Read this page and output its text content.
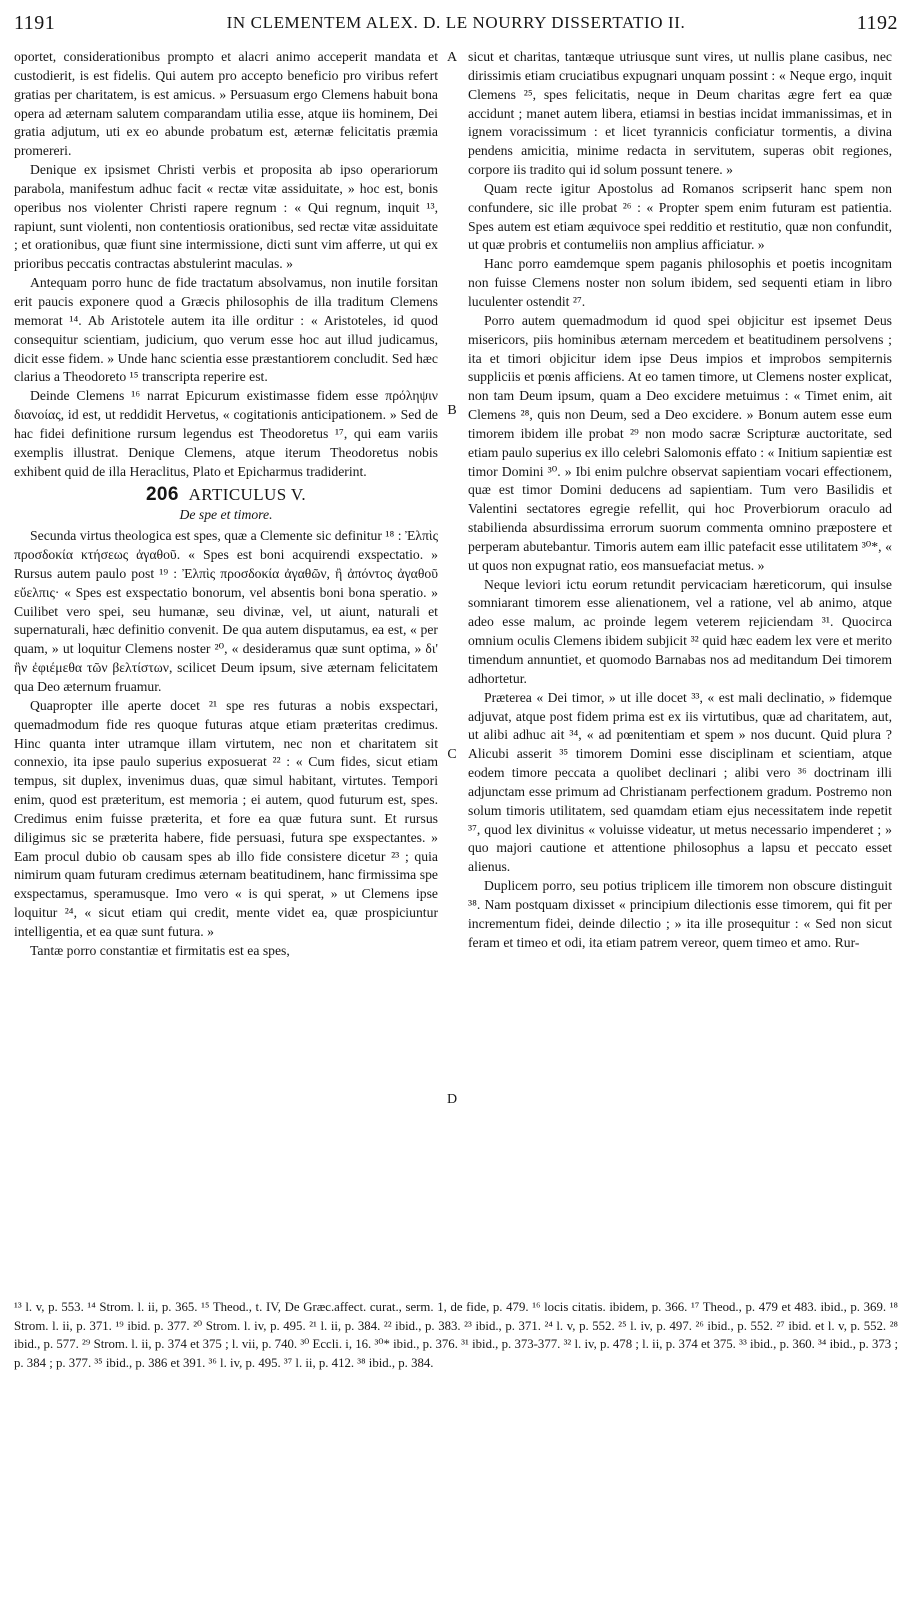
1191	IN CLEMENTEM ALEX. D. LE NOURRY DISSERTATIO II.	1192

oportet, considerationibus prompto et alacri animo acceperit mandata et custodierit, is est fidelis. Qui autem pro accepto beneficio pro viribus refert gratias per charitatem, is est amicus. » Persuasum ergo Clemens habuit bona opera ad æternam salutem comparandam utilia esse, atque iis hominem, Dei gratia adjutum, uti ex eo abunde probatum est, æternæ felicitatis præmia promereri.

Denique ex ipsismet Christi verbis et proposita ab ipso operariorum parabola, manifestum adhuc facit « rectæ vitæ assiduitate, » hoc est, bonis operibus nos violenter Christi rapere regnum : « Qui regnum, inquit ¹³, rapiunt, sunt violenti, non contentiosis orationibus, sed rectæ vitæ assiduitate ; et orationibus, quæ fiunt sine intermissione, dicti sunt vim afferre, ut qui ex prioribus peccatis contractas abstulerint maculas. »

Antequam porro hunc de fide tractatum absolvamus, non inutile forsitan erit paucis exponere quod a Græcis philosophis de illa traditum Clemens memorat ¹⁴. Ab Aristotele autem ita ille orditur : « Aristoteles, id quod consequitur scientiam, judicium, quo verum esse hoc aut illud judicamus, dicit esse fidem. » Unde hanc scientia esse præstantiorem concludit. Sed hæc clarius a Theodoreto ¹⁵ transcripta reperire est.

Deinde Clemens ¹⁶ narrat Epicurum existimasse fidem esse πρόληψιν διανοίας, id est, ut reddidit Hervetus, « cogitationis anticipationem. » Sed de hac fidei definitione rursum legendus est Theodoretus ¹⁷, qui eam variis exemplis illustrat. Denique Clemens, atque iterum Theodoretus nobis exhibent quid de illa Heraclitus, Plato et Epicharmus tradiderint.

206 ARTICULUS V.

De spe et timore.

Secunda virtus theologica est spes, quæ a Clemente sic definitur ¹⁸ : Ἐλπὶς προσδοκία κτήσεως ἀγαθοῦ. « Spes est boni acquirendi exspectatio. » Rursus autem paulo post ¹⁹ : Ἐλπὶς προσδοκία ἀγαθῶν, ἢ ἀπόντος ἀγαθοῦ εὔελπις· « Spes est exspectatio bonorum, vel absentis boni bona speratio. » Cuilibet vero spei, seu humanæ, seu divinæ, vel, ut aiunt, naturali et supernaturali, hæc definitio convenit. De qua autem disputamus, ea est, « per quam, » ut loquitur Clemens noster ²⁰, « desideramus quæ sunt optima, » δι' ἣν ἐφιέμεθα τῶν βελτίστων, scilicet Deum ipsum, sive æternam felicitatem qua Deo æternum fruamur.

Quapropter ille aperte docet ²¹ spe res futuras a nobis exspectari, quemadmodum fide res quoque futuras atque etiam præteritas credimus. Hinc quanta inter utramque illam virtutem, nec non et charitatem sit connexio, ita ipse paulo superius exposuerat ²² : « Cum fides, sicut etiam tempus, sit duplex, invenimus duas, quæ simul habitant, virtutes. Tempori enim, quod est præteritum, est memoria ; ei autem, quod futurum est, spes. Credimus enim fuisse præterita, et fore ea quæ futura sunt. Et rursus diligimus sic se præterita habere, fide persuasi, futura spe exspectantes. » Eam procul dubio ob causam spes ab illo fide consistere dicetur ²³ ; quia nimirum quam futuram credimus æternam beatitudinem, hanc firmissima spe exspectamus, speramusque. Imo vero « is qui sperat, » ut Clemens ipse loquitur ²⁴, « sicut etiam qui credit, mente videt ea, quæ prospiciuntur intelligentia, et ea quæ sunt futura. »

Tantæ porro constantiæ et firmitatis est ea spes,

A
B
C
D

sicut et charitas, tantæque utriusque sunt vires, ut nullis plane casibus, nec dirissimis etiam cruciatibus expugnari unquam possint : « Neque ergo, inquit Clemens ²⁵, spes felicitatis, neque in Deum charitas ægre fert ea quæ accidunt ; manet autem libera, etiamsi in bestias incidat immanissimas, et in ignem voracissimum : et licet tyrannicis conficiatur tormentis, a divina pendens amicitia, minime redacta in servitutem, superas obit regiones, corpore iis tradito qui id solum possunt tenere. »

Quam recte igitur Apostolus ad Romanos scripserit hanc spem non confundere, sic ille probat ²⁶ : « Propter spem enim futuram est patientia. Spes autem est etiam æquivoce spei redditio et restitutio, quæ non confundit, ut quæ probris et contumeliis non amplius afficiatur. »

Hanc porro eamdemque spem paganis philosophis et poetis incognitam non fuisse Clemens noster non solum ibidem, sed sequenti etiam in libro luculenter ostendit ²⁷.

Porro autem quemadmodum id quod spei objicitur est ipsemet Deus misericors, piis hominibus æternam mercedem et beatitudinem persolvens ; ita et timori objicitur idem ipse Deus impios et improbos sempiternis suppliciis et pœnis afficiens. At eo tamen timore, ut Clemens noster explicat, non tam Deum ipsum, quam a Deo excidere metuimus : « Timet enim, ait Clemens ²⁸, quis non Deum, sed a Deo excidere. » Bonum autem esse eum timorem ibidem ille probat ²⁹ non modo sacræ Scripturæ auctoritate, sed etiam paulo superius ex illo celebri Salomonis effato : « Initium sapientiæ est timor Domini ³⁰. » Ibi enim pulchre observat sapientiam vocari effectionem, quæ est timor Domini deducens ad sapientiam. Tum vero Basilidis et Valentini sectatores egregie refellit, qui hoc Proverbiorum oraculo ad stabilienda absurdissima errorum suorum commenta omnino præpostere et perperam abutebantur. Timoris autem eam illic patefacit esse utilitatem ³⁰*, « ut quos non expugnat ratio, eos mansuefaciat metus. »

Neque leviori ictu eorum retundit pervicaciam hæreticorum, qui insulse somniarant timorem esse alienationem, vel a ratione, vel ab animo, atque adeo esse malum, ac proinde legem veterem rejiciendam ³¹. Quocirca omnium oculis Clemens ibidem subjicit ³² quid hæc eadem lex vere et merito timendum annuntiet, et quomodo Barnabas nos ad meditandum Dei timorem adhortetur.

Præterea « Dei timor, » ut ille docet ³³, « est mali declinatio, » fidemque adjuvat, atque post fidem prima est ex iis virtutibus, quæ ad charitatem, aut, ut alibi adhuc ait ³⁴, « ad pœnitentiam et spem » nos ducunt. Quid plura ? Alicubi asserit ³⁵ timorem Domini esse disciplinam et scientiam, atque eodem timore peccata a quolibet declinari ; alibi vero ³⁶ doctrinam illi adjunctam esse primum ad Christianam perfectionem gradum. Postremo non solum timoris utilitatem, sed quamdam etiam ejus necessitatem inde repetit ³⁷, quod lex divinitus « voluisse videatur, ut metus necessario impenderet ; » quo majori cautione et attentione philosophus a lapsu et peccato esset alienus.

Duplicem porro, seu potius triplicem ille timorem non obscure distinguit ³⁸. Nam postquam dixisset « principium dilectionis esse timorem, qui fit per incrementum fidei, deinde dilectio ; » ita ille prosequitur : « Sed non sicut feram et timeo et odi, ita etiam patrem vereor, quem timeo et amo. Rur-

¹³ l. v, p. 553. ¹⁴ Strom. l. ii, p. 365. ¹⁵ Theod., t. IV, De Græc.affect. curat., serm. 1, de fide, p. 479. ¹⁶ locis citatis. ibidem, p. 366. ¹⁷ Theod., p. 479 et 483. ibid., p. 369. ¹⁸ Strom. l. ii, p. 371. ¹⁹ ibid. p. 377. ²⁰ Strom. l. iv, p. 495. ²¹ l. ii, p. 384. ²² ibid., p. 383. ²³ ibid., p. 371. ²⁴ l. v, p. 552. ²⁵ l. iv, p. 497. ²⁶ ibid., p. 552. ²⁷ ibid. et l. v, p. 552. ²⁸ ibid., p. 577. ²⁹ Strom. l. ii, p. 374 et 375 ; l. vii, p. 740. ³⁰ Eccli. i, 16. ³⁰* ibid., p. 376. ³¹ ibid., p. 373-377. ³² l. iv, p. 478 ; l. ii, p. 374 et 375. ³³ ibid., p. 360. ³⁴ ibid., p. 373 ; p. 384 ; p. 377. ³⁵ ibid., p. 386 et 391. ³⁶ l. iv, p. 495. ³⁷ l. ii, p. 412. ³⁸ ibid., p. 384.
